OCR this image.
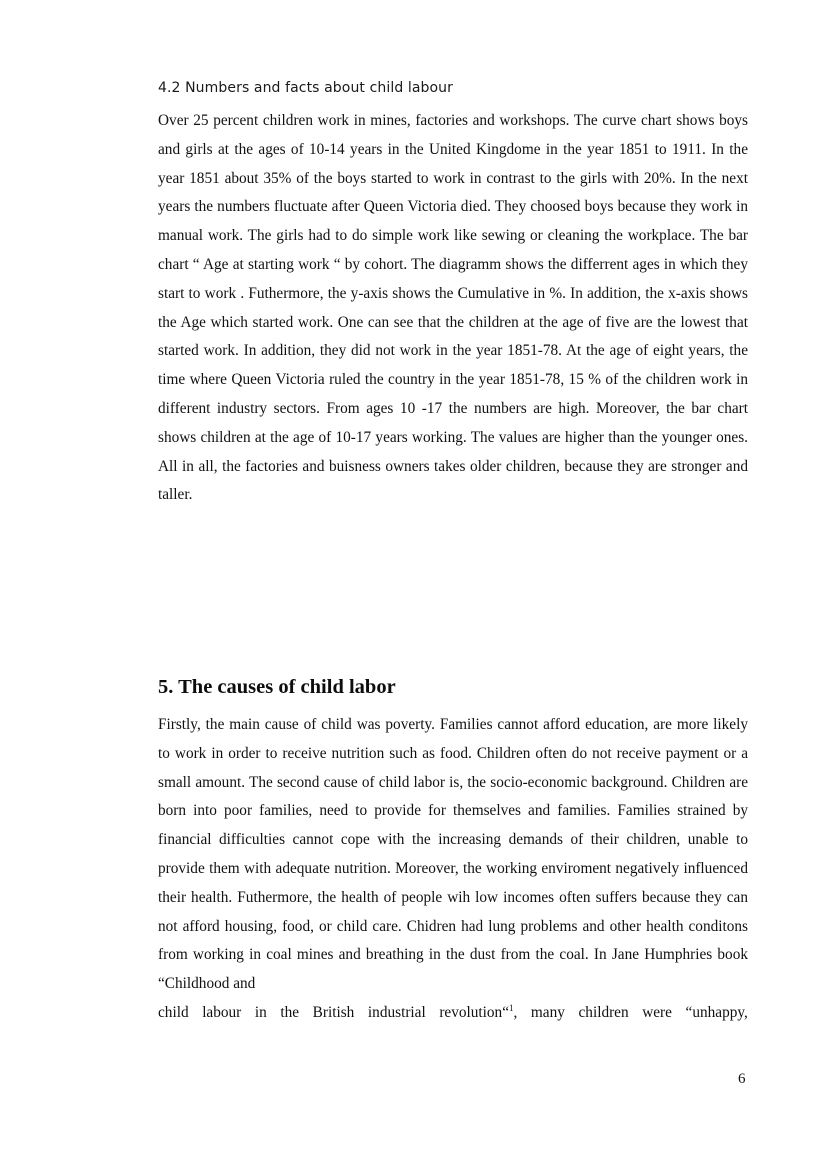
4.2 Numbers and facts about child labour

Over 25 percent children work in mines, factories and workshops. The curve chart shows boys and girls at the ages of 10-14 years in the United Kingdome in the year 1851 to 1911. In the year 1851 about 35% of the boys started to work in contrast to the girls with 20%. In the next years the numbers fluctuate after Queen Victoria died. They choosed boys because they work in manual work. The girls had to do simple work like sewing or cleaning the workplace. The bar chart “ Age at starting work “ by cohort. The diagramm shows the differrent ages in which they start to work . Futhermore, the y-axis shows the Cumulative in %. In addition, the x-axis shows the Age which started work. One can see that the children at the age of five are the lowest that started work. In addition, they did not work in the year 1851-78. At the age of eight years, the time where Queen Victoria ruled the country in the year 1851-78, 15 % of the children work in different industry sectors. From ages 10 -17 the numbers are high. Moreover, the bar chart shows children at the age of 10-17 years working. The values are higher than the younger ones. All in all, the factories and buisness owners takes older children, because they are stronger and taller.

5. The causes of child labor

Firstly, the main cause of child was poverty. Families cannot afford education, are more likely to work in order to receive nutrition such as food. Children often do not receive payment or a small amount. The second cause of child labor is, the socio-economic background. Children are born into poor families, need to provide for themselves and families. Families strained by financial difficulties cannot cope with the increasing demands of their children, unable to provide them with adequate nutrition. Moreover, the working enviroment negatively influenced their health. Futhermore, the health of people wih low incomes often suffers because they can not afford housing, food, or child care. Chidren had lung problems and other health conditons from working in coal mines and breathing in the dust from the coal. In Jane Humphries book “Childhood and

child labour in the British industrial revolution“$^1$, many children were “unhappy,
6
